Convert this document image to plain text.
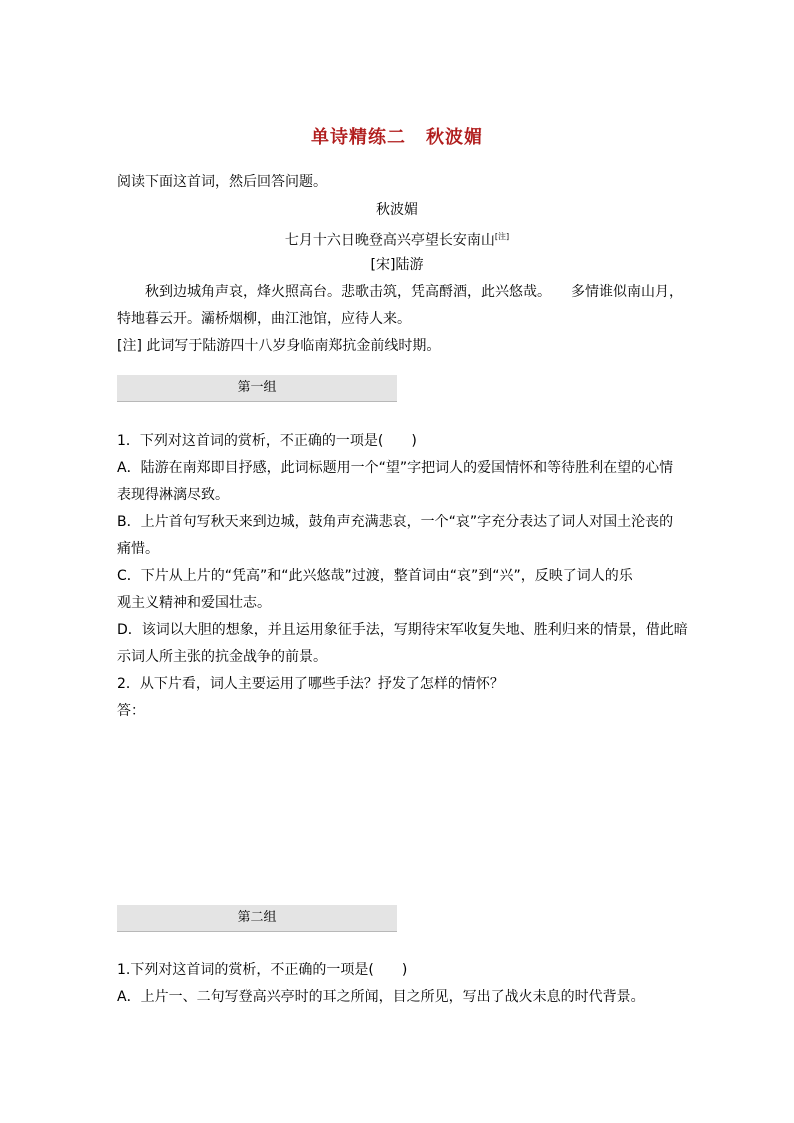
单诗精练二 秋波媚
阅读下面这首词，然后回答问题。
秋波媚
七月十六日晚登高兴亭望长安南山[注]
[宋]陆游
秋到边城角声哀，烽火照高台。悲歌击筑，凭高酹酒，此兴悠哉。 多情谁似南山月，
特地暮云开。灞桥烟柳，曲江池馆，应待人来。
[注] 此词写于陆游四十八岁身临南郑抗金前线时期。
第一组
1．下列对这首词的赏析，不正确的一项是(　　)
A．陆游在南郑即目抒感，此词标题用一个“望”字把词人的爱国情怀和等待胜利在望的心情
表现得淋漓尽致。
B．上片首句写秋天来到边城，鼓角声充满悲哀，一个“哀”字充分表达了词人对国土沦丧的
痛惜。
C．下片从上片的“凭高”和“此兴悠哉”过渡，整首词由“哀”到“兴”，反映了词人的乐
观主义精神和爱国壮志。
D．该词以大胆的想象，并且运用象征手法，写期待宋军收复失地、胜利归来的情景，借此暗
示词人所主张的抗金战争的前景。
2．从下片看，词人主要运用了哪些手法？抒发了怎样的情怀？
答：
第二组
1.下列对这首词的赏析，不正确的一项是(　　)
A．上片一、二句写登高兴亭时的耳之所闻，目之所见，写出了战火未息的时代背景。
